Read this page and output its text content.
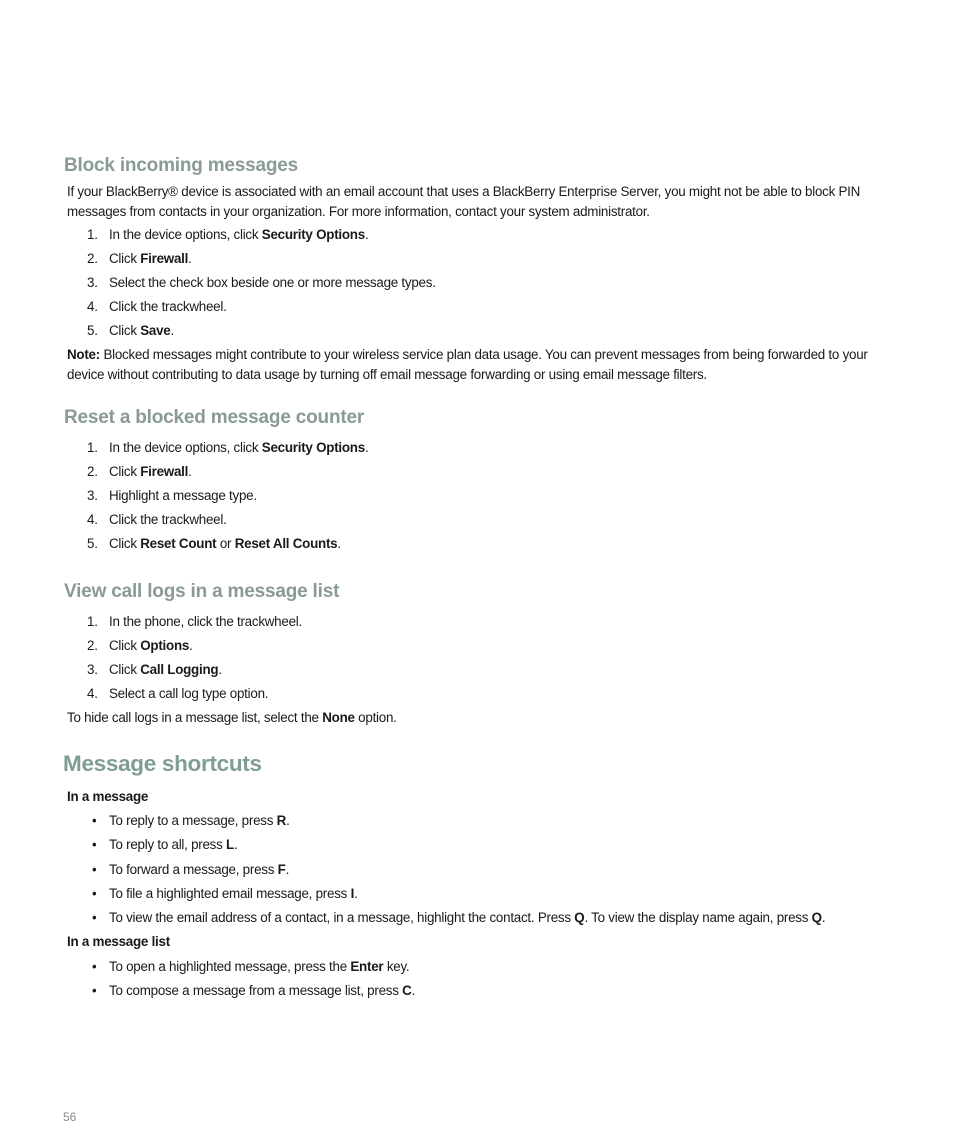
Block incoming messages

If your BlackBerry® device is associated with an email account that uses a BlackBerry Enterprise Server, you might not be able to block PIN messages from contacts in your organization. For more information, contact your system administrator.

1. In the device options, click Security Options.
2. Click Firewall.
3. Select the check box beside one or more message types.
4. Click the trackwheel.
5. Click Save.

Note: Blocked messages might contribute to your wireless service plan data usage. You can prevent messages from being forwarded to your device without contributing to data usage by turning off email message forwarding or using email message filters.

Reset a blocked message counter
1. In the device options, click Security Options.
2. Click Firewall.
3. Highlight a message type.
4. Click the trackwheel.
5. Click Reset Count or Reset All Counts.
View call logs in a message list
1. In the phone, click the trackwheel.
2. Click Options.
3. Click Call Logging.
4. Select a call log type option.
To hide call logs in a message list, select the None option.
Message shortcuts
In a message
• To reply to a message, press R.
• To reply to all, press L.
• To forward a message, press F.
• To file a highlighted email message, press I.
• To view the email address of a contact, in a message, highlight the contact. Press Q. To view the display name again, press Q.
In a message list
• To open a highlighted message, press the Enter key.
• To compose a message from a message list, press C.
56
